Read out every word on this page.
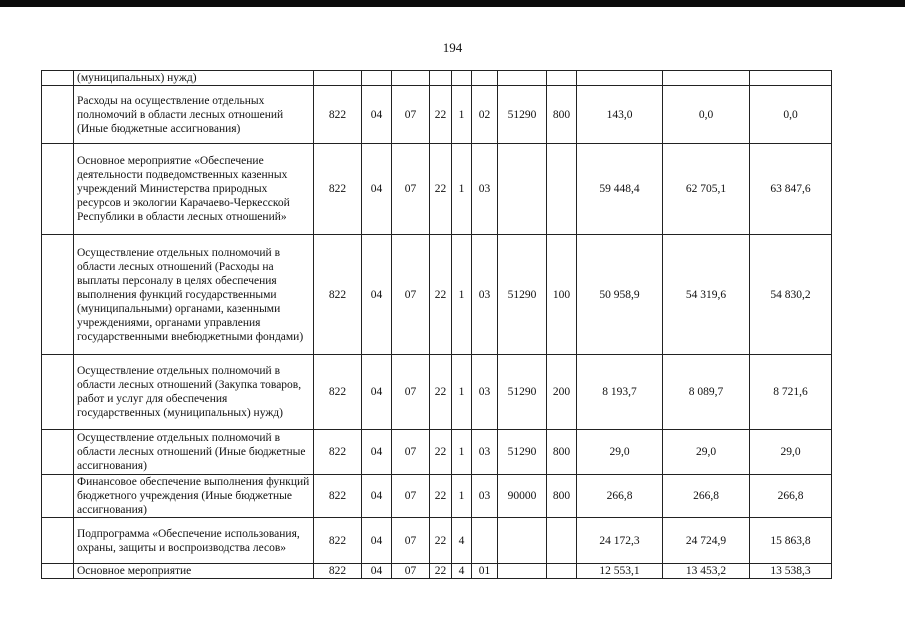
194
	(муниципальных) нужд)											
	Расходы на осуществление отдельных полномочий в области лесных отношений (Иные бюджетные ассигнования)	822	04	07	22	1	02	51290	800	143,0	0,0	0,0
	Основное мероприятие «Обеспечение деятельности подведомственных казенных учреждений Министерства природных ресурсов и экологии Карачаево-Черкесской Республики в области лесных отношений»	822	04	07	22	1	03			59 448,4	62 705,1	63 847,6
	Осуществление отдельных полномочий в области лесных отношений (Расходы на выплаты персоналу в целях обеспечения выполнения функций государственными (муниципальными) органами, казенными учреждениями, органами управления государственными внебюджетными фондами)	822	04	07	22	1	03	51290	100	50 958,9	54 319,6	54 830,2
	Осуществление отдельных полномочий в области лесных отношений (Закупка товаров, работ и услуг для обеспечения государственных (муниципальных) нужд)	822	04	07	22	1	03	51290	200	8 193,7	8 089,7	8 721,6
	Осуществление отдельных полномочий в области лесных отношений (Иные бюджетные ассигнования)	822	04	07	22	1	03	51290	800	29,0	29,0	29,0
	Финансовое обеспечение выполнения функций бюджетного учреждения (Иные бюджетные ассигнования)	822	04	07	22	1	03	90000	800	266,8	266,8	266,8
	Подпрограмма «Обеспечение использования, охраны, защиты и воспроизводства лесов»	822	04	07	22	4				24 172,3	24 724,9	15 863,8
	Основное мероприятие	822	04	07	22	4	01			12 553,1	13 453,2	13 538,3
